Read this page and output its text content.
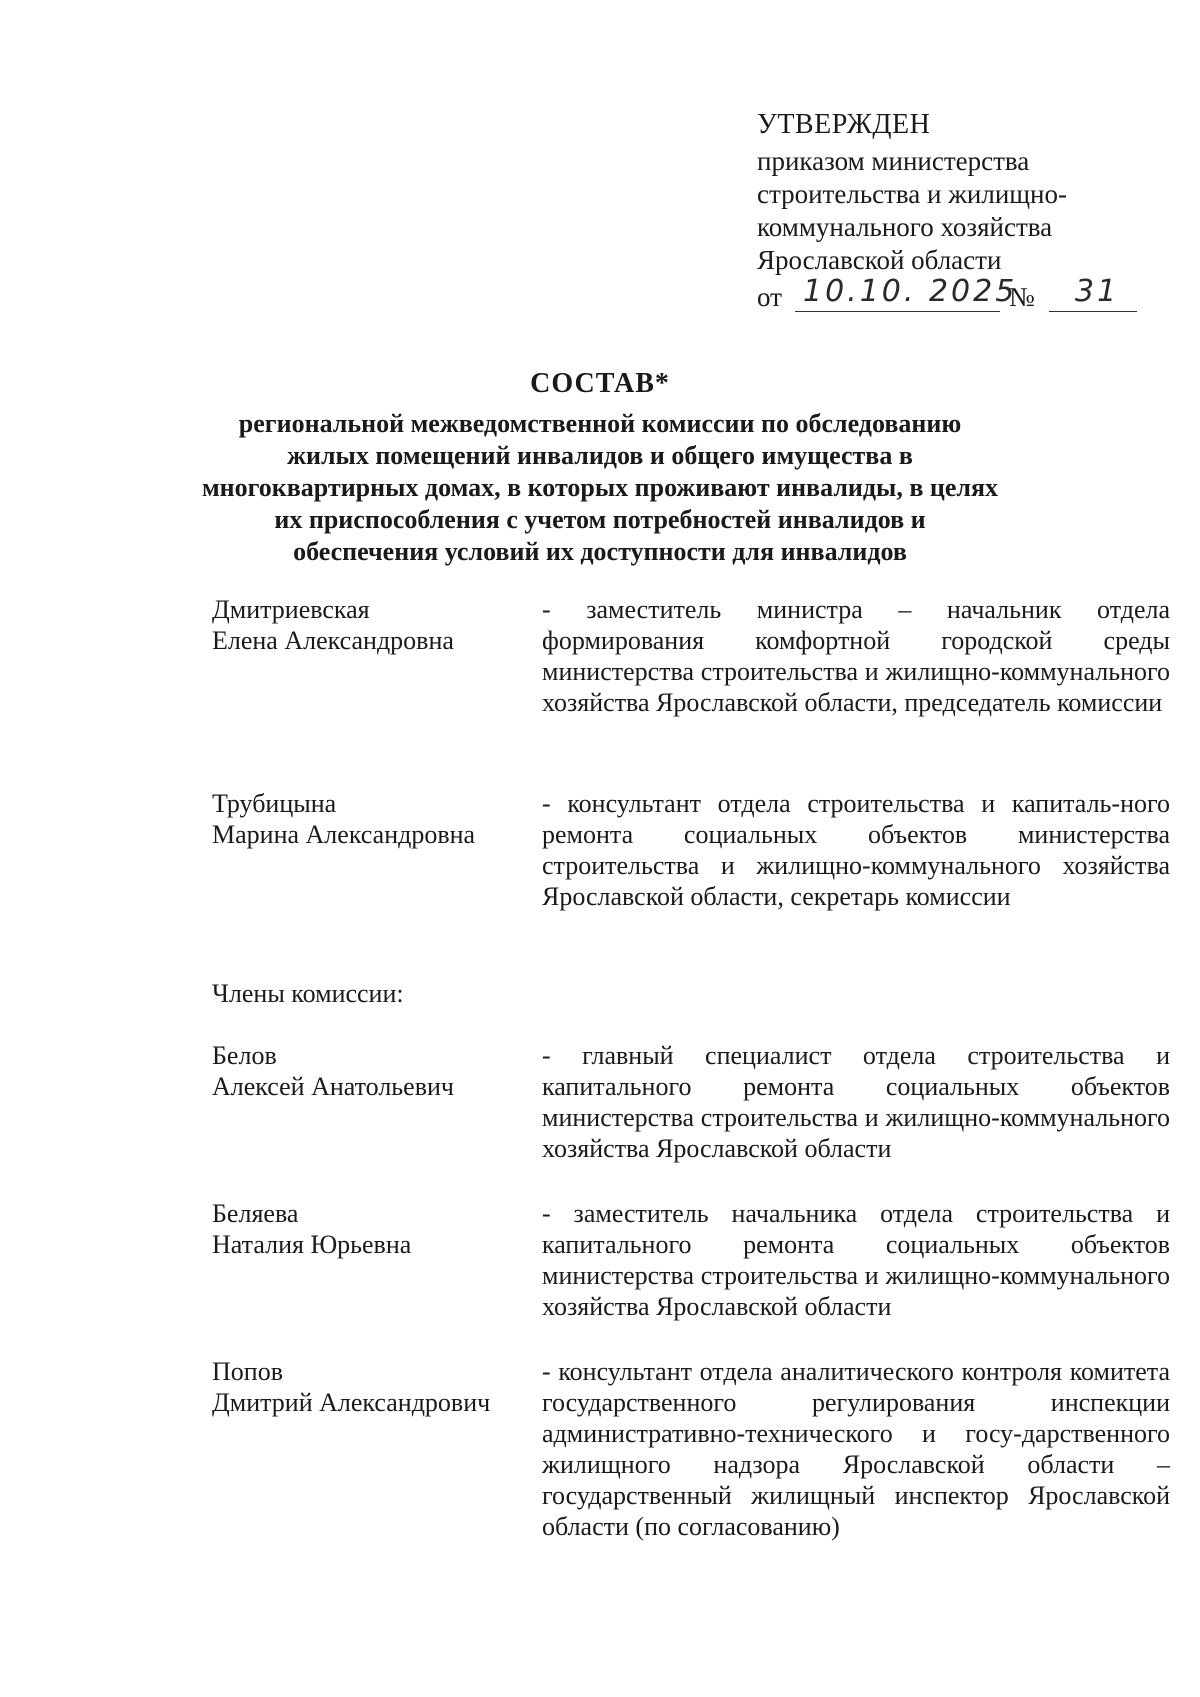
УТВЕРЖДЕН
приказом министерства
строительства и жилищно-
коммунального хозяйства
Ярославской области
от 10.10. 2025
№ 31
СОСТАВ*
региональной межведомственной комиссии по обследованию жилых помещений инвалидов и общего имущества в многоквартирных домах, в которых проживают инвалиды, в целях их приспособления с учетом потребностей инвалидов и обеспечения условий их доступности для инвалидов
Дмитриевская
Елена Александровна
- заместитель министра – начальник отдела формирования комфортной городской среды министерства строительства и жилищно-коммунального хозяйства Ярославской области, председатель комиссии
Трубицына
Марина Александровна
- консультант отдела строительства и капиталь-ного ремонта социальных объектов министерства строительства и жилищно-коммунального хозяйства Ярославской области, секретарь комиссии
Члены комиссии:
Белов
Алексей Анатольевич
- главный специалист отдела строительства и капитального ремонта социальных объектов министерства строительства и жилищно-коммунального хозяйства Ярославской области
Беляева
Наталия Юрьевна
- заместитель начальника отдела строительства и капитального ремонта социальных объектов министерства строительства и жилищно-коммунального хозяйства Ярославской области
Попов
Дмитрий Александрович
- консультант отдела аналитического контроля комитета государственного регулирования инспекции административно-технического и госу-дарственного жилищного надзора Ярославской области – государственный жилищный инспектор Ярославской области (по согласованию)
